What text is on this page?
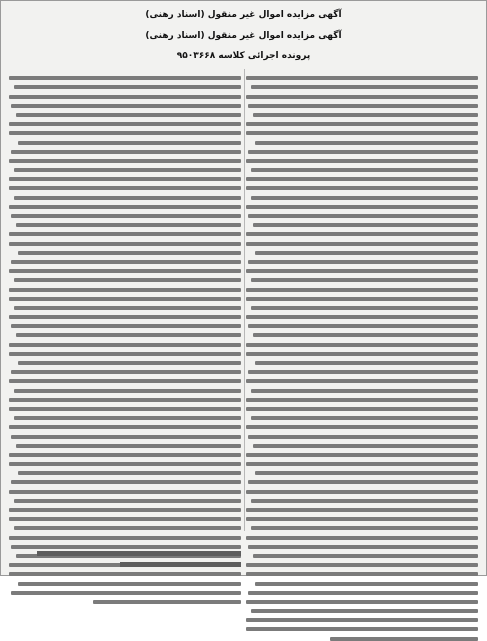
آگهی مزایده اموال غیر منقول (اسناد رهنی)
آگهی مزایده اموال غیر منقول (اسناد رهنی)
پرونده اجرائی کلاسه ۹۵۰۳۶۶۸
